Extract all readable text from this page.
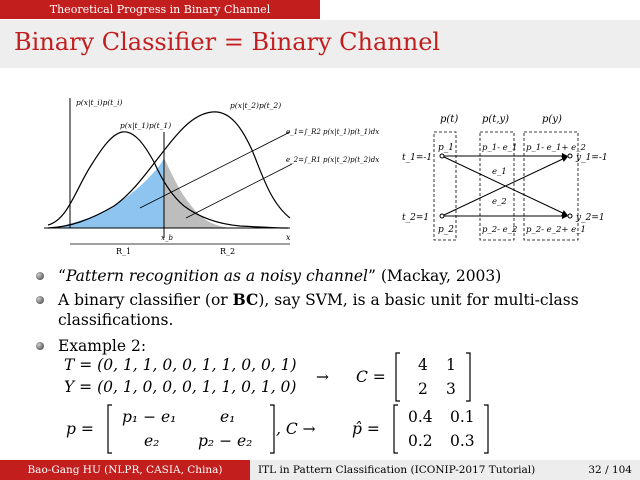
Theoretical Progress in Binary Channel
Binary Classifier = Binary Channel
p(x|t_i)p(t_i)
p(x|t_1)p(t_1)
p(x|t_2)p(t_2)
e_1=∫_R2 p(x|t_1)p(t_1)dx
e_2=∫_R1 p(x|t_2)p(t_2)dx
x_b	x
R_1	R_2
p(t) p(t,y)	p(y)
t_1=-1
t_2=1
y_1=-1
y_2=1
p_1
p_2
p_1- e_1
p_2- e_2
e_1
e_2
p_1- e_1+ e_2
p_2- e_2+ e_1
“Pattern recognition as a noisy channel” (Mackay, 2003)
A binary classifier (or BC), say SVM, is a basic unit for multi-class
classifications.
Example 2:
T = (0, 1, 1, 0, 0, 1, 1, 0, 0, 1)
Y = (0, 1, 0, 0, 0, 1, 1, 0, 1, 0)
→ C =
4 1
2 3
p =
p₁ − e₁	e₁
e₂ p₂ − e₂
, C → p̂ =
0.4 0.1
0.2 0.3
Bao-Gang HU (NLPR, CASIA, China)	ITL in Pattern Classification (ICONIP-2017 Tutorial)	32 / 104
